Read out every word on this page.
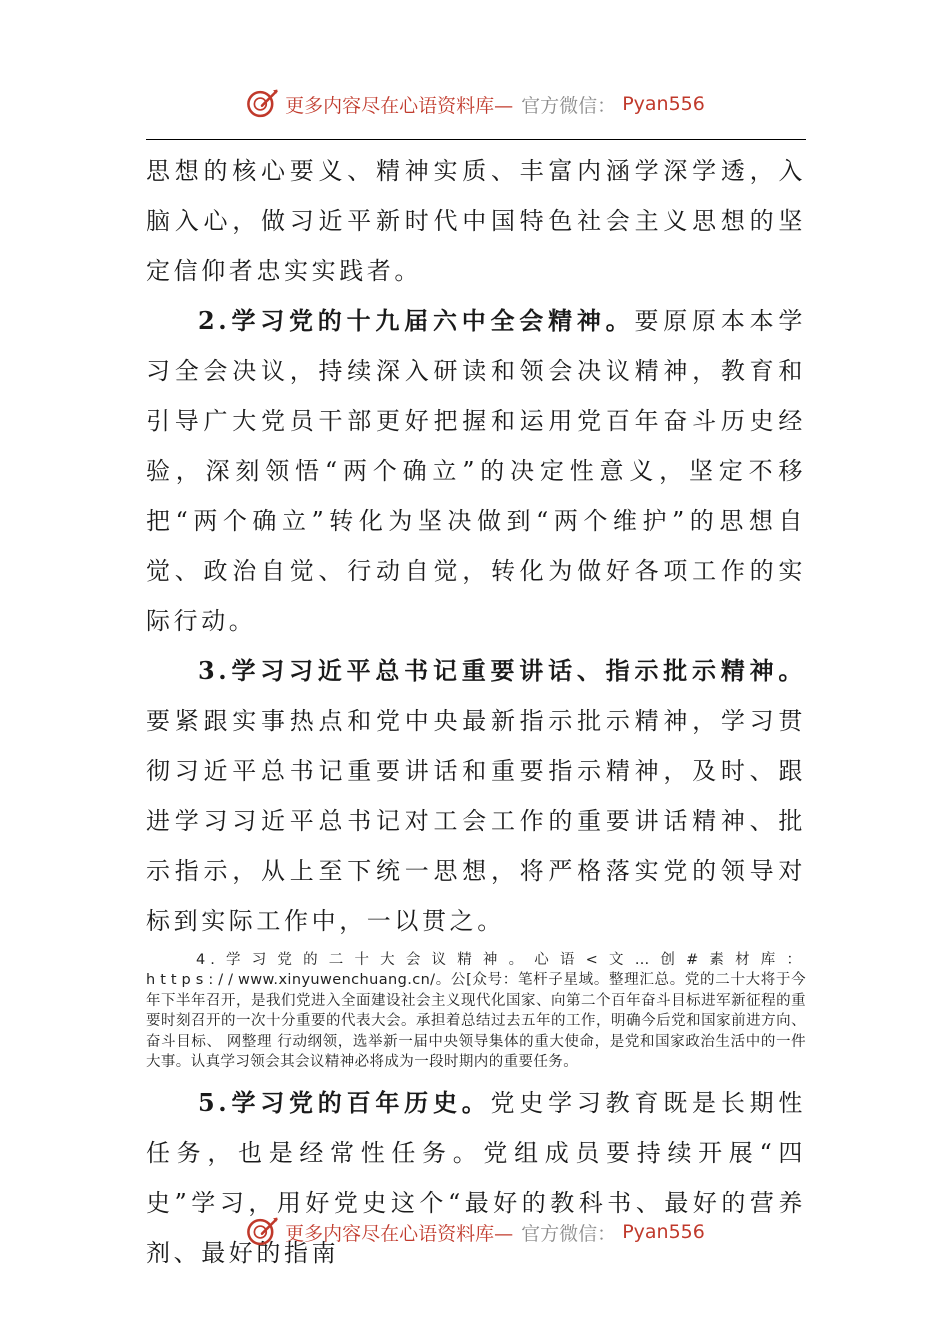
更多内容尽在心语资料库— 官方微信： Pyan556

思想的核心要义、精神实质、丰富内涵学深学透，入脑入心，做习近平新时代中国特色社会主义思想的坚定信仰者忠实实践者。

2.学习党的十九届六中全会精神。要原原本本学习全会决议，持续深入研读和领会决议精神，教育和引导广大党员干部更好把握和运用党百年奋斗历史经验，深刻领悟“两个确立”的决定性意义，坚定不移把“两个确立”转化为坚决做到“两个维护”的思想自觉、政治自觉、行动自觉，转化为做好各项工作的实际行动。

3.学习习近平总书记重要讲话、指示批示精神。要紧跟实事热点和党中央最新指示批示精神，学习贯彻习近平总书记重要讲话和重要指示精神，及时、跟进学习习近平总书记对工会工作的重要讲话精神、批示指示，从上至下统一思想，将严格落实党的领导对标到实际工作中，一以贯之。

4.学习党的二十大会议精神。心语<文…创#素材库：https://www.xinyuwenchuang.cn/。公[众号：笔杆子星域。整理汇总。党的二十大将于今年下半年召开，是我们党进入全面建设社会主义现代化国家、向第二个百年奋斗目标进军新征程的重要时刻召开的一次十分重要的代表大会。承担着总结过去五年的工作，明确今后党和国家前进方向、奋斗目标、 网整理 行动纲领，选举新一届中央领导集体的重大使命，是党和国家政治生活中的一件大事。认真学习领会其会议精神必将成为一段时期内的重要任务。

5.学习党的百年历史。党史学习教育既是长期性任务，也是经常性任务。党组成员要持续开展“四史”学习，用好党史这个“最好的教科书、最好的营养剂、最好的指南

更多内容尽在心语资料库— 官方微信： Pyan556
